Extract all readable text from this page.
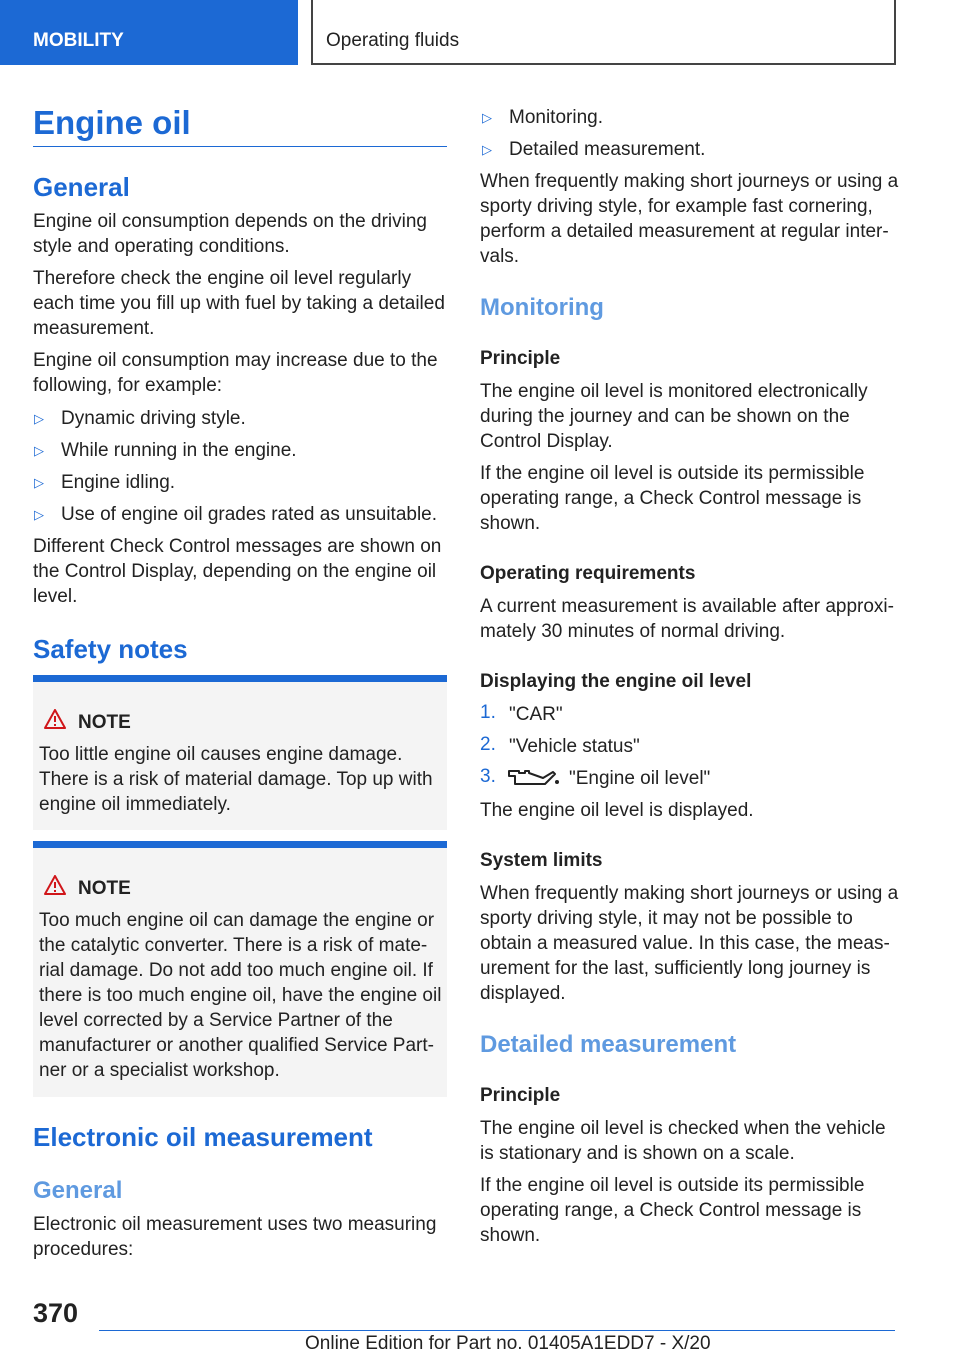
MOBILITY	Operating fluids
Engine oil
General
Engine oil consumption depends on the driving style and operating conditions.
Therefore check the engine oil level regularly each time you fill up with fuel by taking a detailed measurement.
Engine oil consumption may increase due to the following, for example:
▷ Dynamic driving style.
▷ While running in the engine.
▷ Engine idling.
▷ Use of engine oil grades rated as unsuitable.
Different Check Control messages are shown on the Control Display, depending on the engine oil level.
Safety notes
NOTE
Too little engine oil causes engine damage. There is a risk of material damage. Top up with engine oil immediately.
NOTE
Too much engine oil can damage the engine or the catalytic converter. There is a risk of material damage. Do not add too much engine oil. If there is too much engine oil, have the engine oil level corrected by a Service Partner of the manufacturer or another qualified Service Partner or a specialist workshop.
Electronic oil measurement
General
Electronic oil measurement uses two measuring procedures:
▷ Monitoring.
▷ Detailed measurement.
When frequently making short journeys or using a sporty driving style, for example fast cornering, perform a detailed measurement at regular intervals.
Monitoring
Principle
The engine oil level is monitored electronically during the journey and can be shown on the Control Display.
If the engine oil level is outside its permissible operating range, a Check Control message is shown.
Operating requirements
A current measurement is available after approximately 30 minutes of normal driving.
Displaying the engine oil level
1. "CAR"
2. "Vehicle status"
3.	"Engine oil level"
The engine oil level is displayed.
System limits
When frequently making short journeys or using a sporty driving style, it may not be possible to obtain a measured value. In this case, the measurement for the last, sufficiently long journey is displayed.
Detailed measurement
Principle
The engine oil level is checked when the vehicle is stationary and is shown on a scale.
If the engine oil level is outside its permissible operating range, a Check Control message is shown.
370
Online Edition for Part no. 01405A1EDD7 - X/20
